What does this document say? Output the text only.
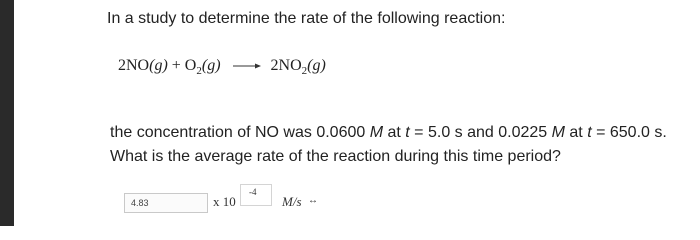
In a study to determine the rate of the following reaction:
$2NO(g) + O_2(g) \to 2NO_2(g)$
the concentration of NO was 0.0600 M at t = 5.0 s and 0.0225 M at t = 650.0 s.
What is the average rate of the reaction during this time period?
4.83	x 10
-4
M/s ↔
